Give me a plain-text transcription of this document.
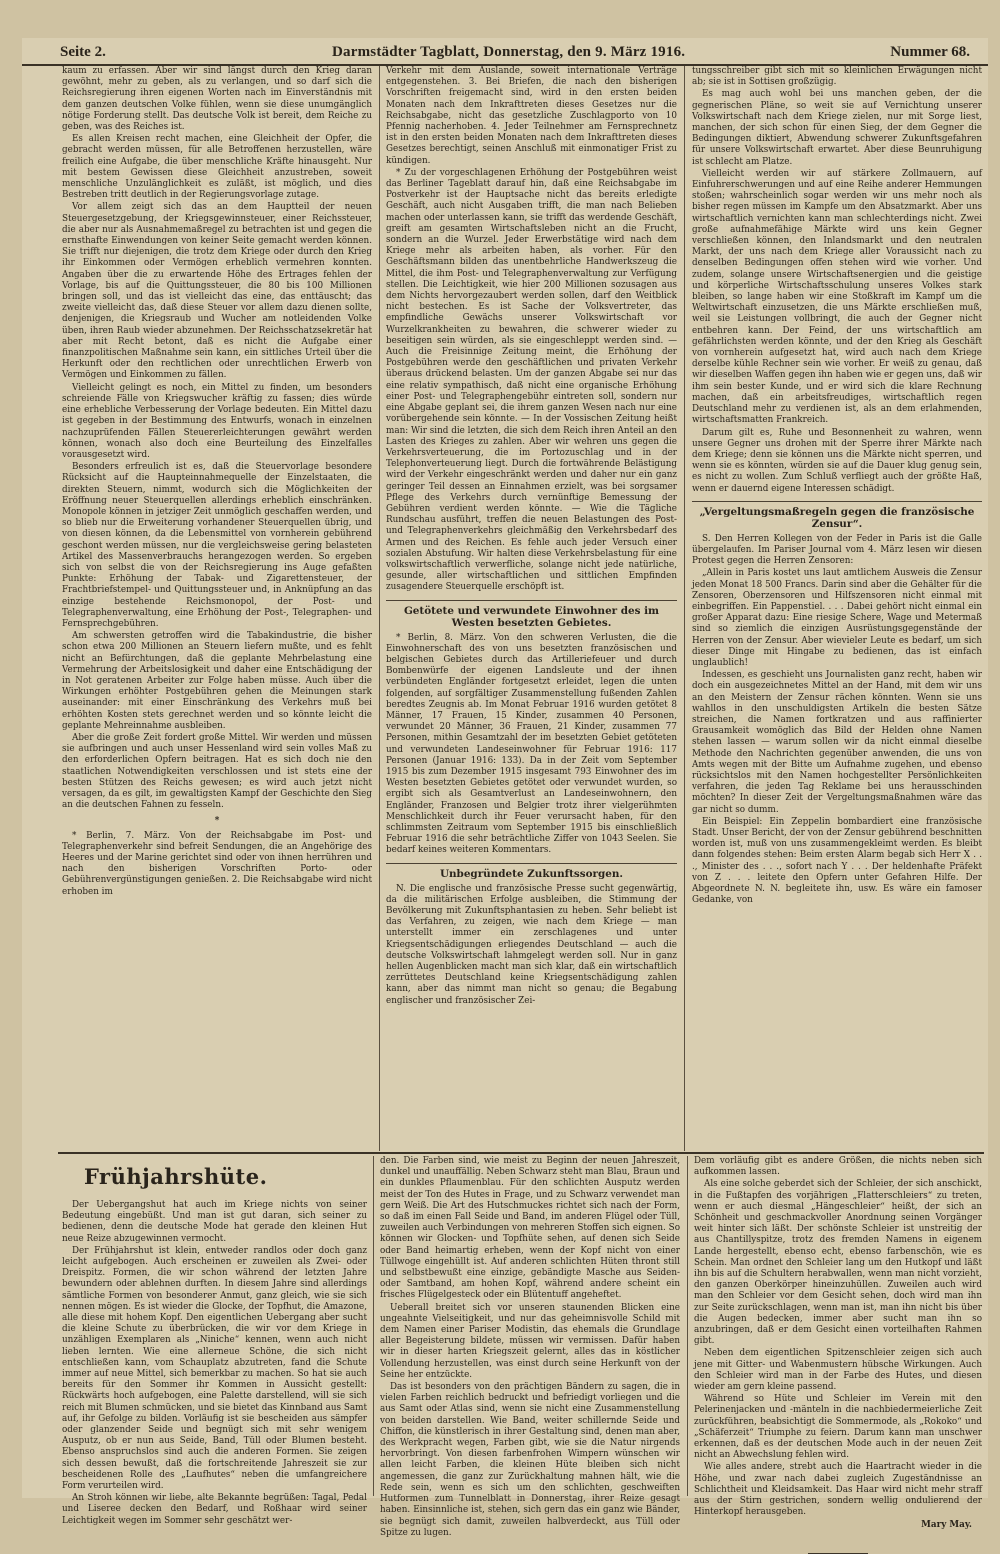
Seite 2.	Darmstädter Tagblatt, Donnerstag, den 9. März 1916.	Nummer 68.

kaum zu erfassen. Aber wir sind längst durch den Krieg daran gewöhnt, mehr zu geben, als zu verlangen, und so darf sich die Reichsregierung ihren eigenen Worten nach im Einverständnis mit dem ganzen deutschen Volke fühlen, wenn sie diese unumgänglich nötige Forderung stellt. Das deutsche Volk ist bereit, dem Reiche zu geben, was des Reiches ist.

Es allen Kreisen recht machen, eine Gleichheit der Opfer, die gebracht werden müssen, für alle Betroffenen herzustellen, wäre freilich eine Aufgabe, die über menschliche Kräfte hinausgeht. Nur mit bestem Gewissen diese Gleichheit anzustreben, soweit menschliche Unzulänglichkeit es zuläßt, ist möglich, und dies Bestreben tritt deutlich in der Regierungsvorlage zutage.

Vor allem zeigt sich das an dem Hauptteil der neuen Steuergesetzgebung, der Kriegsgewinnsteuer, einer Reichssteuer, die aber nur als Ausnahmemaßregel zu betrachten ist und gegen die ernsthafte Einwendungen von keiner Seite gemacht werden können. Sie trifft nur diejenigen, die trotz dem Kriege oder durch den Krieg ihr Einkommen oder Vermögen erheblich vermehren konnten. Angaben über die zu erwartende Höhe des Ertrages fehlen der Vorlage, bis auf die Quittungssteuer, die 80 bis 100 Millionen bringen soll, und das ist vielleicht das eine, das enttäuscht; das zweite vielleicht das, daß diese Steuer vor allem dazu dienen sollte, denjenigen, die Kriegsraub und Wucher am notleidenden Volke üben, ihren Raub wieder abzunehmen. Der Reichsschatzsekretär hat aber mit Recht betont, daß es nicht die Aufgabe einer finanzpolitischen Maßnahme sein kann, ein sittliches Urteil über die Herkunft oder den rechtlichen oder unrechtlichen Erwerb von Vermögen und Einkommen zu fällen.

Vielleicht gelingt es noch, ein Mittel zu finden, um besonders schreiende Fälle von Kriegswucher kräftig zu fassen; dies würde eine erhebliche Verbesserung der Vorlage bedeuten. Ein Mittel dazu ist gegeben in der Bestimmung des Entwurfs, wonach in einzelnen nachzuprüfenden Fällen Steuererleichterungen gewährt werden können, wonach also doch eine Beurteilung des Einzelfalles vorausgesetzt wird.

Besonders erfreulich ist es, daß die Steuervorlage besondere Rücksicht auf die Haupteinnahmequelle der Einzelstaaten, die direkten Steuern, nimmt, wodurch sich die Möglichkeiten der Eröffnung neuer Steuerquellen allerdings erheblich einschränken. Monopole können in jetziger Zeit unmöglich geschaffen werden, und so blieb nur die Erweiterung vorhandener Steuerquellen übrig, und von diesen können, da die Lebensmittel von vornherein gebührend geschont werden müssen, nur die vergleichsweise gering belasteten Artikel des Massenverbrauchs herangezogen werden. So ergeben sich von selbst die von der Reichsregierung ins Auge gefaßten Punkte: Erhöhung der Tabak- und Zigarettensteuer, der Frachtbriefstempel- und Quittungssteuer und, in Anknüpfung an das einzige bestehende Reichsmonopol, der Post- und Telegraphenverwaltung, eine Erhöhung der Post-, Telegraphen- und Fernsprechgebühren.

Am schwersten getroffen wird die Tabakindustrie, die bisher schon etwa 200 Millionen an Steuern liefern mußte, und es fehlt nicht an Befürchtungen, daß die geplante Mehrbelastung eine Vermehrung der Arbeitslosigkeit und daher eine Entschädigung der in Not geratenen Arbeiter zur Folge haben müsse. Auch über die Wirkungen erhöhter Postgebühren gehen die Meinungen stark auseinander: mit einer Einschränkung des Verkehrs muß bei erhöhten Kosten stets gerechnet werden und so könnte leicht die geplante Mehreinnahme ausbleiben.

Aber die große Zeit fordert große Mittel. Wir werden und müssen sie aufbringen und auch unser Hessenland wird sein volles Maß zu den erforderlichen Opfern beitragen. Hat es sich doch nie den staatlichen Notwendigkeiten verschlossen und ist stets eine der besten Stützen des Reichs gewesen; es wird auch jetzt nicht versagen, da es gilt, im gewaltigsten Kampf der Geschichte den Sieg an die deutschen Fahnen zu fesseln.

*

* Berlin, 7. März. Von der Reichsabgabe im Post- und Telegraphenverkehr sind befreit Sendungen, die an Angehörige des Heeres und der Marine gerichtet sind oder von ihnen herrühren und nach den bisherigen Vorschriften Porto- oder Gebührenvergünstigungen genießen. 2. Die Reichsabgabe wird nicht erhoben im

Verkehr mit dem Auslande, soweit internationale Verträge entgegenstehen. 3. Bei Briefen, die nach den bisherigen Vorschriften freigemacht sind, wird in den ersten beiden Monaten nach dem Inkrafttreten dieses Gesetzes nur die Reichsabgabe, nicht das gesetzliche Zuschlagporto von 10 Pfennig nacherhoben. 4. Jeder Teilnehmer am Fernsprechnetz ist in den ersten beiden Monaten nach dem Inkrafttreten dieses Gesetzes berechtigt, seinen Anschluß mit einmonatiger Frist zu kündigen.

* Zu der vorgeschlagenen Erhöhung der Postgebühren weist das Berliner Tageblatt darauf hin, daß eine Reichsabgabe im Postverkehr ist der Hauptsache nicht das bereits erledigte Geschäft, auch nicht Ausgaben trifft, die man nach Belieben machen oder unterlassen kann, sie trifft das werdende Geschäft, greift am gesamten Wirtschaftsleben nicht an die Frucht, sondern an die Wurzel. Jeder Erwerbstätige wird nach dem Kriege mehr als arbeiten haben, als vorher. Für den Geschäftsmann bilden das unentbehrliche Handwerkszeug die Mittel, die ihm Post- und Telegraphenverwaltung zur Verfügung stellen. Die Leichtigkeit, wie hier 200 Millionen sozusagen aus dem Nichts hervorgezaubert werden sollen, darf den Weitblick nicht bestechen. Es ist Sache der Volksvertreter, das empfindliche Gewächs unserer Volkswirtschaft vor Wurzelkrankheiten zu bewahren, die schwerer wieder zu beseitigen sein würden, als sie eingeschleppt werden sind. — Auch die Freisinnige Zeitung meint, die Erhöhung der Postgebühren werde den geschäftlichen und privaten Verkehr überaus drückend belasten. Um der ganzen Abgabe sei nur das eine relativ sympathisch, daß nicht eine organische Erhöhung einer Post- und Telegraphengebühr eintreten soll, sondern nur eine Abgabe geplant sei, die ihrem ganzen Wesen nach nur eine vorübergehende sein könnte. — In der Vossischen Zeitung heißt man: Wir sind die letzten, die sich dem Reich ihren Anteil an den Lasten des Krieges zu zahlen. Aber wir wehren uns gegen die Verkehrsverteuerung, die im Portozuschlag und in der Telephonverteuerung liegt. Durch die fortwährende Belästigung wird der Verkehr eingeschränkt werden und daher nur ein ganz geringer Teil dessen an Einnahmen erzielt, was bei sorgsamer Pflege des Verkehrs durch vernünftige Bemessung der Gebühren verdient werden könnte. — Wie die Tägliche Rundschau ausführt, treffen die neuen Belastungen des Post- und Telegraphenverkehrs gleichmäßig den Verkehrsbedarf des Armen und des Reichen. Es fehle auch jeder Versuch einer sozialen Abstufung. Wir halten diese Verkehrsbelastung für eine volkswirtschaftlich verwerfliche, solange nicht jede natürliche, gesunde, aller wirtschaftlichen und sittlichen Empfinden zusagendere Steuerquelle erschöpft ist.

Getötete und verwundete Einwohner des im Westen besetzten Gebietes.

* Berlin, 8. März. Von den schweren Verlusten, die die Einwohnerschaft des von uns besetzten französischen und belgischen Gebietes durch das Artilleriefeuer und durch Bombenwürfe der eigenen Landsleute und der ihnen verbündeten Engländer fortgesetzt erleidet, legen die unten folgenden, auf sorgfältiger Zusammenstellung fußenden Zahlen beredtes Zeugnis ab. Im Monat Februar 1916 wurden getötet 8 Männer, 17 Frauen, 15 Kinder, zusammen 40 Personen, verwundet 20 Männer, 36 Frauen, 21 Kinder, zusammen 77 Personen, mithin Gesamtzahl der im besetzten Gebiet getöteten und verwundeten Landeseinwohner für Februar 1916: 117 Personen (Januar 1916: 133). Da in der Zeit vom September 1915 bis zum Dezember 1915 insgesamt 793 Einwohner des im Westen besetzten Gebietes getötet oder verwundet wurden, so ergibt sich als Gesamtverlust an Landeseinwohnern, den Engländer, Franzosen und Belgier trotz ihrer vielgerühmten Menschlichkeit durch ihr Feuer verursacht haben, für den schlimmsten Zeitraum vom September 1915 bis einschließlich Februar 1916 die sehr beträchtliche Ziffer von 1043 Seelen. Sie bedarf keines weiteren Kommentars.

Unbegründete Zukunftssorgen.

N. Die englische und französische Presse sucht gegenwärtig, da die militärischen Erfolge ausbleiben, die Stimmung der Bevölkerung mit Zukunftsphantasien zu heben. Sehr beliebt ist das Verfahren, zu zeigen, wie nach dem Kriege — man unterstellt immer ein zerschlagenes und unter Kriegsentschädigungen erliegendes Deutschland — auch die deutsche Volkswirtschaft lahmgelegt werden soll. Nur in ganz hellen Augenblicken macht man sich klar, daß ein wirtschaftlich zerrüttetes Deutschland keine Kriegsentschädigung zahlen kann, aber das nimmt man nicht so genau; die Begabung englischer und französischer Zei-

tungsschreiber gibt sich mit so kleinlichen Erwägungen nicht ab; sie ist in Sottisen großzügig.

Es mag auch wohl bei uns manchen geben, der die gegnerischen Pläne, so weit sie auf Vernichtung unserer Volkswirtschaft nach dem Kriege zielen, nur mit Sorge liest, manchen, der sich schon für einen Sieg, der dem Gegner die Bedingungen diktiert, Abwendung schwerer Zukunftsgefahren für unsere Volkswirtschaft erwartet. Aber diese Beunruhigung ist schlecht am Platze.

Vielleicht werden wir auf stärkere Zollmauern, auf Einfuhrerschwerungen und auf eine Reihe anderer Hemmungen stoßen; wahrscheinlich sogar werden wir uns mehr noch als bisher regen müssen im Kampfe um den Absatzmarkt. Aber uns wirtschaftlich vernichten kann man schlechterdings nicht. Zwei große aufnahmefähige Märkte wird uns kein Gegner verschließen können, den Inlandsmarkt und den neutralen Markt, der uns nach dem Kriege aller Voraussicht nach zu denselben Bedingungen offen stehen wird wie vorher. Und zudem, solange unsere Wirtschaftsenergien und die geistige und körperliche Wirtschaftsschulung unseres Volkes stark bleiben, so lange haben wir eine Stoßkraft im Kampf um die Weltwirtschaft einzusetzen, die uns Märkte erschließen muß, weil sie Leistungen vollbringt, die auch der Gegner nicht entbehren kann. Der Feind, der uns wirtschaftlich am gefährlichsten werden könnte, und der den Krieg als Geschäft von vornherein aufgesetzt hat, wird auch nach dem Kriege derselbe kühle Rechner sein wie vorher. Er weiß zu genau, daß wir dieselben Waffen gegen ihn haben wie er gegen uns, daß wir ihm sein bester Kunde, und er wird sich die klare Rechnung machen, daß ein arbeitsfreudiges, wirtschaftlich regen Deutschland mehr zu verdienen ist, als an dem erlahmenden, wirtschaftsmatten Frankreich.

Darum gilt es, Ruhe und Besonnenheit zu wahren, wenn unsere Gegner uns drohen mit der Sperre ihrer Märkte nach dem Kriege; denn sie können uns die Märkte nicht sperren, und wenn sie es könnten, würden sie auf die Dauer klug genug sein, es nicht zu wollen. Zum Schluß verfliegt auch der größte Haß, wenn er dauernd eigene Interessen schädigt.

„Vergeltungsmaßregeln gegen die französische Zensur“.

S. Den Herren Kollegen von der Feder in Paris ist die Galle übergelaufen. Im Pariser Journal vom 4. März lesen wir diesen Protest gegen die Herren Zensoren:

„Allein in Paris kostet uns laut amtlichem Ausweis die Zensur jeden Monat 18 500 Francs. Darin sind aber die Gehälter für die Zensoren, Oberzensoren und Hilfszensoren nicht einmal mit einbegriffen. Ein Pappenstiel. . . . Dabei gehört nicht einmal ein großer Apparat dazu: Eine riesige Schere, Wage und Metermaß sind so ziemlich die einzigen Ausrüstungsgegenstände der Herren von der Zensur. Aber wievieler Leute es bedarf, um sich dieser Dinge mit Hingabe zu bedienen, das ist einfach unglaublich!

Indessen, es geschieht uns Journalisten ganz recht, haben wir doch ein ausgezeichnetes Mittel an der Hand, mit dem wir uns an den Meistern der Zensur rächen könnten. Wenn sie uns wahllos in den unschuldigsten Artikeln die besten Sätze streichen, die Namen fortkratzen und aus raffinierter Grausamkeit womöglich das Bild der Helden ohne Namen stehen lassen — warum sollen wir da nicht einmal dieselbe Methode den Nachrichten gegenüber anwenden, die uns von Amts wegen mit der Bitte um Aufnahme zugehen, und ebenso rücksichtslos mit den Namen hochgestellter Persönlichkeiten verfahren, die jeden Tag Reklame bei uns herausschinden möchten? In dieser Zeit der Vergeltungsmaßnahmen wäre das gar nicht so dumm.

Ein Beispiel: Ein Zeppelin bombardiert eine französische Stadt. Unser Bericht, der von der Zensur gebührend beschnitten worden ist, muß von uns zusammengekleimt werden. Es bleibt dann folgendes stehen: Beim ersten Alarm begab sich Herr X . . ., Minister des . . ., sofort nach Y . . . Der heldenhafte Präfekt von Z . . . leitete den Opfern unter Gefahren Hilfe. Der Abgeordnete N. N. begleitete ihn, usw. Es wäre ein famoser Gedanke, von

Frühjahrshüte.

Der Uebergangshut hat auch im Kriege nichts von seiner Bedeutung eingebüßt. Und man ist gut daran, sich seiner zu bedienen, denn die deutsche Mode hat gerade den kleinen Hut neue Reize abzugewinnen vermocht.

Der Frühjahrshut ist klein, entweder randlos oder doch ganz leicht aufgebogen. Auch erscheinen er zuweilen als Zwei- oder Dreispitz. Formen, die wir schon während der letzten Jahre bewundern oder ablehnen durften. In diesem Jahre sind allerdings sämtliche Formen von besonderer Anmut, ganz gleich, wie sie sich nennen mögen. Es ist wieder die Glocke, der Topfhut, die Amazone, alle diese mit hohem Kopf. Den eigentlichen Uebergang aber sucht die kleine Schute zu überbrücken, die wir vor dem Kriege in unzähligen Exemplaren als „Niniche“ kennen, wenn auch nicht lieben lernten. Wie eine allerneue Schöne, die sich nicht entschließen kann, vom Schauplatz abzutreten, fand die Schute immer auf neue Mittel, sich bemerkbar zu machen. So hat sie auch bereits für den Sommer ihr Kommen in Aussicht gestellt: Rückwärts hoch aufgebogen, eine Palette darstellend, will sie sich reich mit Blumen schmücken, und sie bietet das Kinnband aus Samt auf, ihr Gefolge zu bilden. Vorläufig ist sie bescheiden aus sämpfer oder glanzender Seide und begnügt sich mit sehr wenigem Ausputz, ob er nun aus Seide, Band, Tüll oder Blumen besteht. Ebenso anspruchslos sind auch die anderen Formen. Sie zeigen sich dessen bewußt, daß die fortschreitende Jahreszeit sie zur bescheidenen Rolle des „Laufhutes“ neben die umfangreichere Form verurteilen wird.

An Stroh können wir liebe, alte Bekannte begrüßen: Tagal, Pedal und Liseree decken den Bedarf, und Roßhaar wird seiner Leichtigkeit wegen im Sommer sehr geschätzt wer-

den. Die Farben sind, wie meist zu Beginn der neuen Jahreszeit, dunkel und unauffällig. Neben Schwarz steht man Blau, Braun und ein dunkles Pflaumenblau. Für den schlichten Ausputz werden meist der Ton des Hutes in Frage, und zu Schwarz verwendet man gern Weiß. Die Art des Hutschmuckes richtet sich nach der Form, so daß im einen Fall Seide und Band, im anderen Flügel oder Tüll, zuweilen auch Verbindungen von mehreren Stoffen sich eignen. So können wir Glocken- und Topfhüte sehen, auf denen sich Seide oder Band heimartig erheben, wenn der Kopf nicht von einer Tüllwoge eingehüllt ist. Auf anderen schlichten Hüten thront still und selbstbewußt eine einzige, gebändigte Masche aus Seiden- oder Samtband, am hohen Kopf, während andere scheint ein frisches Flügelgesteck oder ein Blütentuff angeheftet.

Ueberall breitet sich vor unseren staunenden Blicken eine ungeahnte Vielseitigkeit, und nur das geheimnisvolle Schild mit dem Namen einer Pariser Modistin, das ehemals die Grundlage aller Begeisterung bildete, müssen wir vermissen. Dafür haben wir in dieser harten Kriegszeit gelernt, alles das in köstlicher Vollendung herzustellen, was einst durch seine Herkunft von der Seine her entzückte.

Das ist besonders von den prächtigen Bändern zu sagen, die in vielen Farben reichlich bedruckt und befriedigt vorliegen und die aus Samt oder Atlas sind, wenn sie nicht eine Zusammenstellung von beiden darstellen. Wie Band, weiter schillernde Seide und Chiffon, die künstlerisch in ihrer Gestaltung sind, denen man aber, des Werkpracht wegen, Farben gibt, wie sie die Natur nirgends hervorbringt. Von diesen farbenfrohen Wimpern wünschen wir allen leicht Farben, die kleinen Hüte bleiben sich nicht angemessen, die ganz zur Zurückhaltung mahnen hält, wie die Rede sein, wenn es sich um den schlichten, geschweiften Hutformen zum Tunnelblatt in Donnerstag, ihrer Reize gesagt haben. Einsinnliche ist, stehen, sich gern das ein ganz wie Bänder, sie begnügt sich damit, zuweilen halbverdeckt, aus Tüll oder Spitze zu lugen.

Dem vorläufig gibt es andere Größen, die nichts neben sich aufkommen lassen.

Als eine solche geberdet sich der Schleier, der sich anschickt, in die Fußtapfen des vorjährigen „Flatterschleiers“ zu treten, wenn er auch diesmal „Hängeschleier“ heißt, der sich an Schönheit und geschmackvoller Anordnung seinen Vorgänger weit hinter sich läßt. Der schönste Schleier ist unstreitig der aus Chantillyspitze, trotz des fremden Namens in eigenem Lande hergestellt, ebenso echt, ebenso farbenschön, wie es Schein. Man ordnet den Schleier lang um den Hutkopf und läßt ihn bis auf die Schultern herabwallen, wenn man nicht vorzieht, den ganzen Oberkörper hineinzuhüllen. Zuweilen auch wird man den Schleier vor dem Gesicht sehen, doch wird man ihn zur Seite zurückschlagen, wenn man ist, man ihn nicht bis über die Augen bedecken, immer aber sucht man ihn so anzubringen, daß er dem Gesicht einen vorteilhaften Rahmen gibt.

Neben dem eigentlichen Spitzenschleier zeigen sich auch jene mit Gitter- und Wabenmustern hübsche Wirkungen. Auch den Schleier wird man in der Farbe des Hutes, und diesen wieder am gern kleine passend.

Während so Hüte und Schleier im Verein mit den Pelerinenjacken und -mänteln in die nachbiedermeierliche Zeit zurückführen, beabsichtigt die Sommermode, als „Rokoko“ und „Schäferzeit“ Triumphe zu feiern. Darum kann man unschwer erkennen, daß es der deutschen Mode auch in der neuen Zeit nicht an Abwechslung fehlen wird.

Wie alles andere, strebt auch die Haartracht wieder in die Höhe, und zwar nach dabei zugleich Zugeständnisse an Schlichtheit und Kleidsamkeit. Das Haar wird nicht mehr straff aus der Stirn gestrichen, sondern wellig ondulierend der Hinterkopf herausgeben.

Mary May.
